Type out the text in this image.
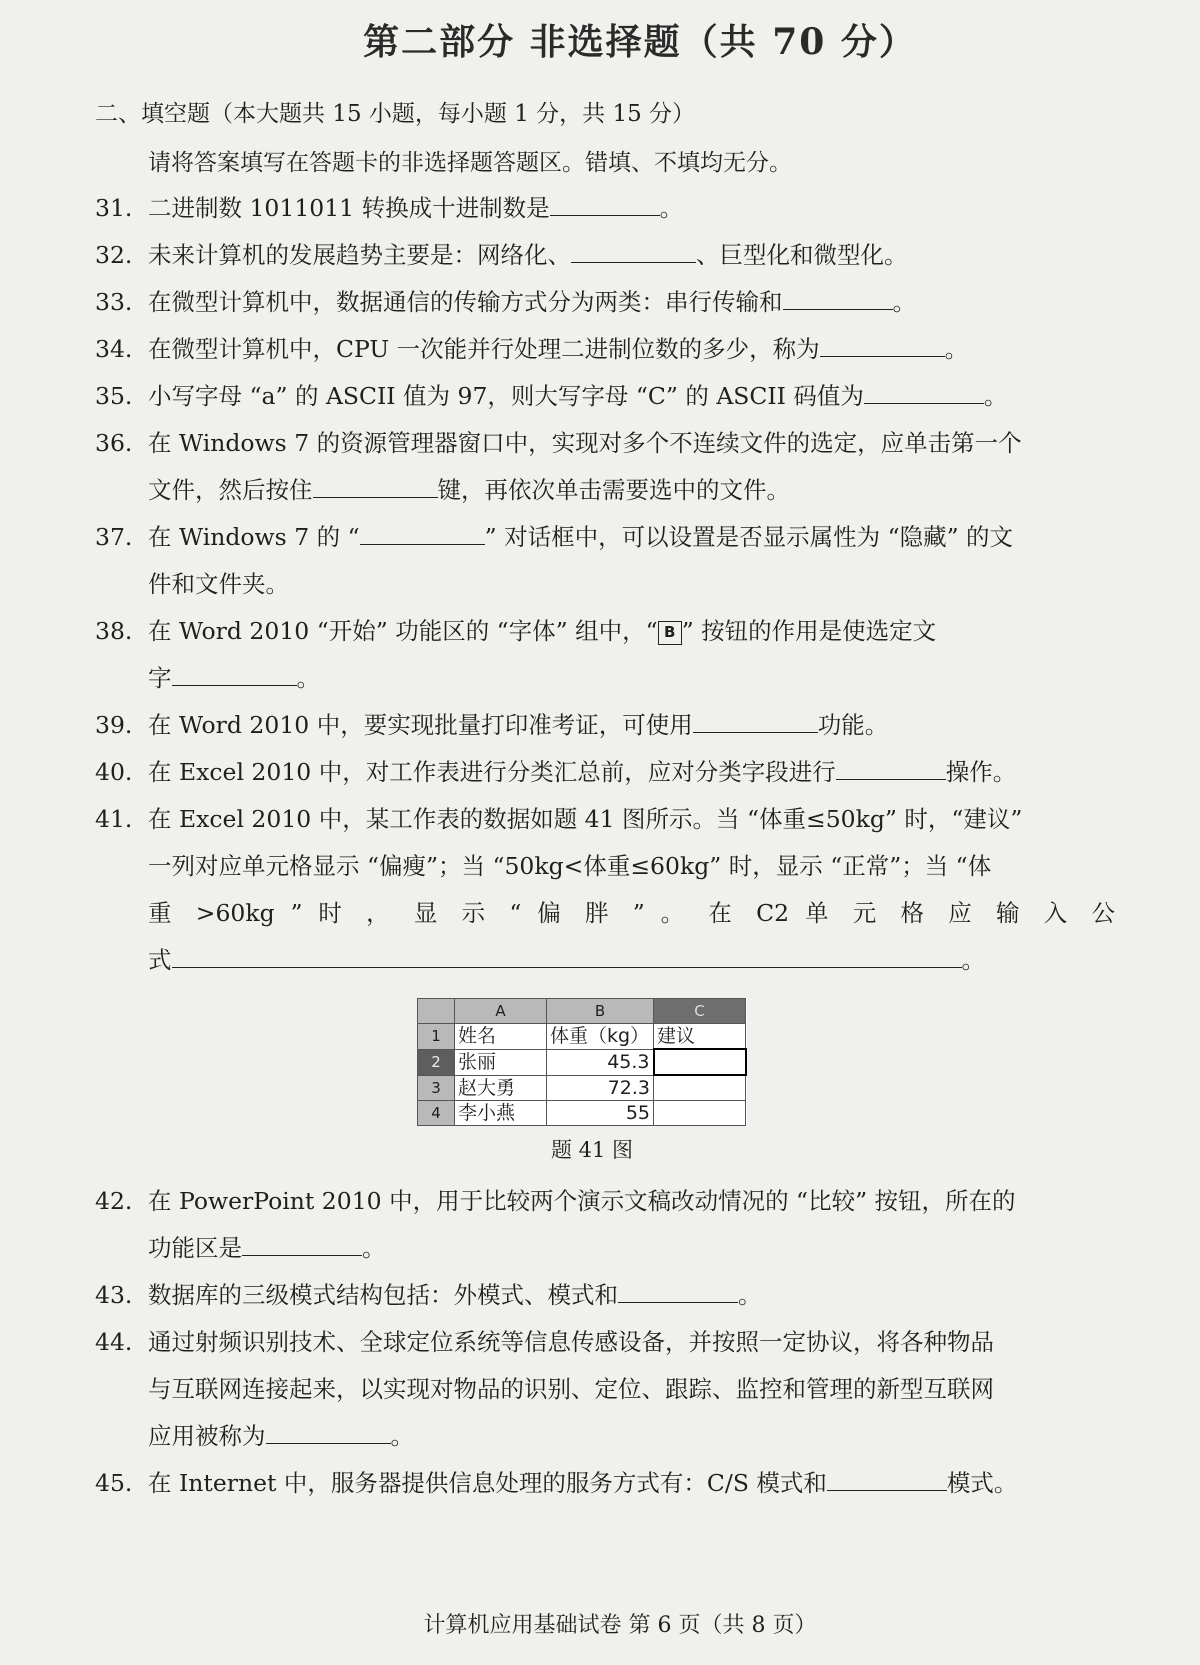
第二部分 非选择题（共 70 分）
二、填空题（本大题共 15 小题，每小题 1 分，共 15 分）
请将答案填写在答题卡的非选择题答题区。错填、不填均无分。
31. 二进制数 1011011 转换成十进制数是	。
32. 未来计算机的发展趋势主要是：网络化、	、巨型化和微型化。
33. 在微型计算机中，数据通信的传输方式分为两类：串行传输和	。
34. 在微型计算机中，CPU 一次能并行处理二进制位数的多少，称为	。
35. 小写字母 “a” 的 ASCII 值为 97，则大写字母 “C” 的 ASCII 码值为	。
36. 在 Windows 7 的资源管理器窗口中，实现对多个不连续文件的选定，应单击第一个
文件，然后按住	键，再依次单击需要选中的文件。
37. 在 Windows 7 的 “	” 对话框中，可以设置是否显示属性为 “隐藏” 的文
件和文件夹。
38. 在 Word 2010 “开始” 功能区的 “字体” 组中，“ B ” 按钮的作用是使选定文
字	。
39. 在 Word 2010 中，要实现批量打印准考证，可使用	功能。
40. 在 Excel 2010 中，对工作表进行分类汇总前，应对分类字段进行	操作。
41. 在 Excel 2010 中，某工作表的数据如题 41 图所示。当 “体重≤50kg” 时，“建议”
一列对应单元格显示 “偏瘦”；当 “50kg<体重≤60kg” 时，显示 “正常”；当 “体
重 >60kg ” 时 ， 显 示 “ 偏 胖 ” 。 在 C2 单 元 格 应 输 入 公
式	。
	A	B	C
1	姓名	体重（kg）	建议
2	张丽	45.3	
3	赵大勇	72.3	
4	李小燕	55	
题 41 图
42. 在 PowerPoint 2010 中，用于比较两个演示文稿改动情况的 “比较” 按钮，所在的
功能区是	。
43. 数据库的三级模式结构包括：外模式、模式和	。
44. 通过射频识别技术、全球定位系统等信息传感设备，并按照一定协议，将各种物品
与互联网连接起来，以实现对物品的识别、定位、跟踪、监控和管理的新型互联网
应用被称为	。
45. 在 Internet 中，服务器提供信息处理的服务方式有：C/S 模式和	模式。
计算机应用基础试卷 第 6 页（共 8 页）
